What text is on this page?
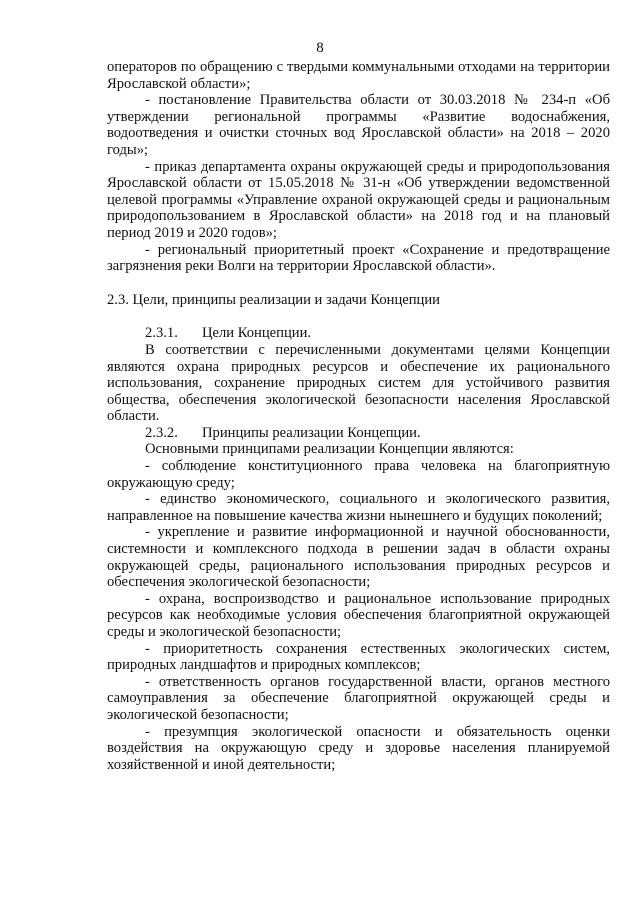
8

операторов по обращению с твердыми коммунальными отходами на территории Ярославской области»;

- постановление Правительства области от 30.03.2018 № 234-п «Об утверждении региональной программы «Развитие водоснабжения, водоотведения и очистки сточных вод Ярославской области» на 2018 – 2020 годы»;

- приказ департамента охраны окружающей среды и природопользования Ярославской области от 15.05.2018 № 31-н «Об утверждении ведомственной целевой программы «Управление охраной окружающей среды и рациональным природопользованием в Ярославской области» на 2018 год и на плановый период 2019 и 2020 годов»;

- региональный приоритетный проект «Сохранение и предотвращение загрязнения реки Волги на территории Ярославской области».

2.3. Цели, принципы реализации и задачи Концепции

2.3.1. Цели Концепции.

В соответствии с перечисленными документами целями Концепции являются охрана природных ресурсов и обеспечение их рационального использования, сохранение природных систем для устойчивого развития общества, обеспечения экологической безопасности населения Ярославской области.

2.3.2. Принципы реализации Концепции.

Основными принципами реализации Концепции являются:

- соблюдение конституционного права человека на благоприятную окружающую среду;

- единство экономического, социального и экологического развития, направленное на повышение качества жизни нынешнего и будущих поколений;

- укрепление и развитие информационной и научной обоснованности, системности и комплексного подхода в решении задач в области охраны окружающей среды, рационального использования природных ресурсов и обеспечения экологической безопасности;

- охрана, воспроизводство и рациональное использование природных ресурсов как необходимые условия обеспечения благоприятной окружающей среды и экологической безопасности;

- приоритетность сохранения естественных экологических систем, природных ландшафтов и природных комплексов;

- ответственность органов государственной власти, органов местного самоуправления за обеспечение благоприятной окружающей среды и экологической безопасности;

- презумпция экологической опасности и обязательность оценки воздействия на окружающую среду и здоровье населения планируемой хозяйственной и иной деятельности;
